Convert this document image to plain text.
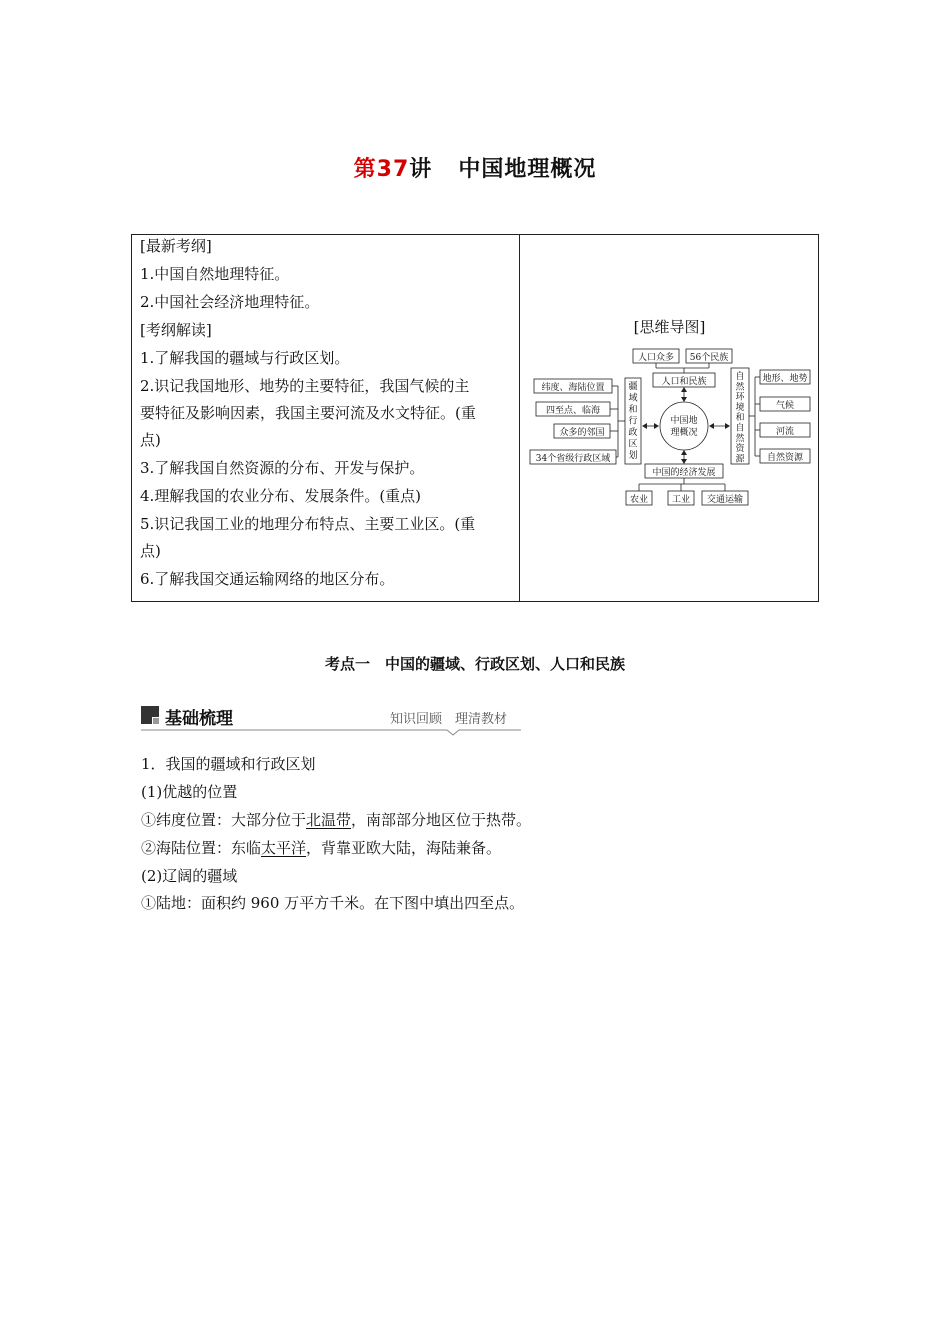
第37讲 中国地理概况
[最新考纲]
1.中国自然地理特征。
2.中国社会经济地理特征。
[考纲解读]
1.了解我国的疆域与行政区划。
2.识记我国地形、地势的主要特征，我国气候的主
要特征及影响因素，我国主要河流及水文特征。(重
点)
3.了解我国自然资源的分布、开发与保护。
4.理解我国的农业分布、发展条件。(重点)
5.识记我国工业的地理分布特点、主要工业区。(重
点)
6.了解我国交通运输网络的地区分布。
[思维导图]
人口众多 56个民族
人口和民族
中国地
理概况
纬度、海陆位置
四至点、临海
众多的邻国
34个省级行政区域
地形、地势
气候
河流
自然资源
中国的经济发展
农业	工业 交通运输
疆
域
和
行
政
区
划
自
然
环
境
和
自
然
资
源
考点一　中国的疆域、行政区划、人口和民族
基础梳理	知识回顾　理清教材
1．我国的疆域和行政区划
(1)优越的位置
①纬度位置：大部分位于北温带，南部部分地区位于热带。
②海陆位置：东临太平洋，背靠亚欧大陆，海陆兼备。
(2)辽阔的疆域
①陆地：面积约 960 万平方千米。在下图中填出四至点。
